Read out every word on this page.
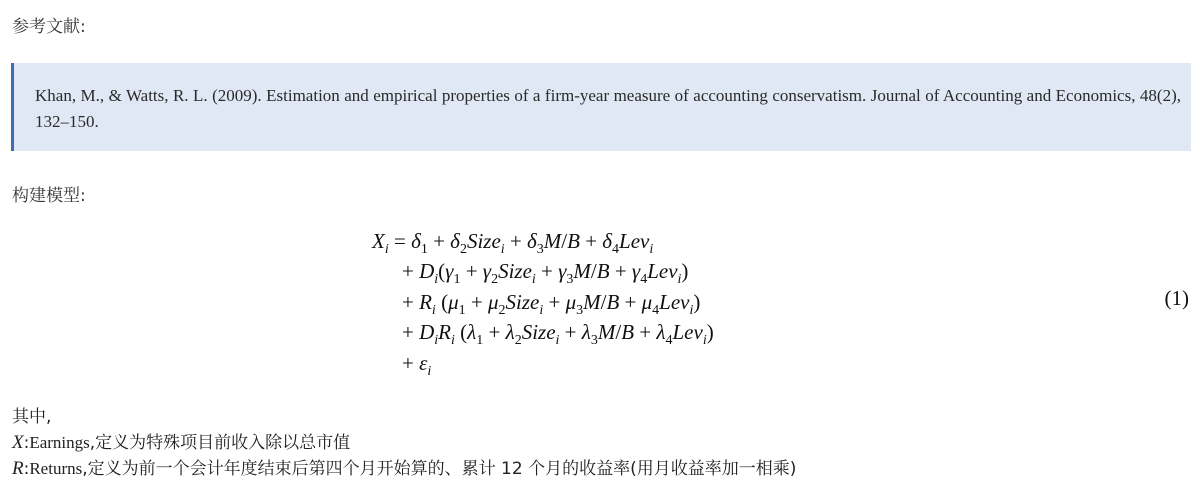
参考文献:
Khan, M., & Watts, R. L. (2009). Estimation and empirical properties of a firm-year measure of accounting conservatism. Journal of Accounting and Economics, 48(2), 132–150.
构建模型:
$X_i = \delta_1$ + $\delta_2Size_i + \delta_3M/B + \delta_4Lev_i$
+ $D_i(\gamma_1$ + $\gamma_2Size_i + \gamma_3M/B + \gamma_4Lev_i$)
+ $R_i$ ($\mu_1$ + $\mu_2Size_i + \mu_3M/B + \mu_4Lev_i$)
+ $D_iR_i$ ($\lambda_1$ + $\lambda_2Size_i + \lambda_3M/B + \lambda_4Lev_i$)
+ $\varepsilon_i$
(1)
其中,
X:Earnings,定义为特殊项目前收入除以总市值
R:Returns,定义为前一个会计年度结束后第四个月开始算的、累计 12 个月的收益率(用月收益率加一相乘)
